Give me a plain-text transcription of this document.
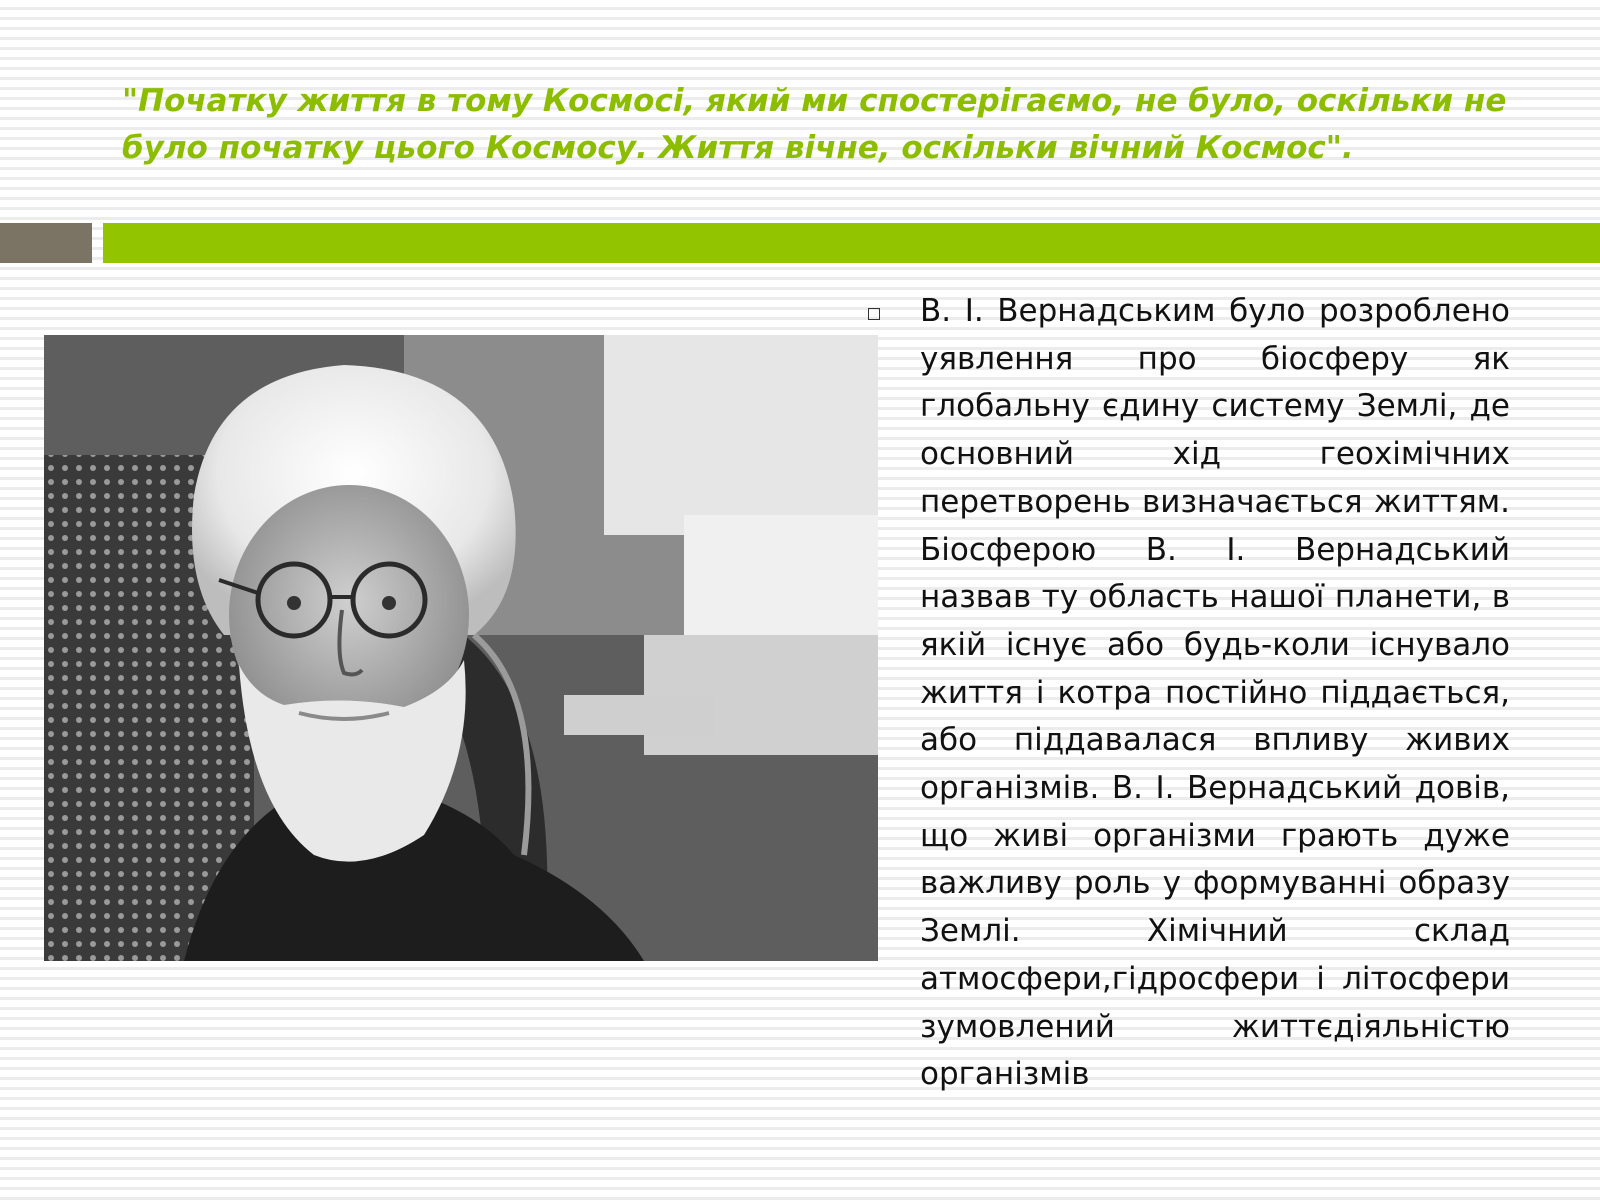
"Початку життя в тому Космосі, який ми спостерігаємо, не було, оскільки не було початку цього Космосу. Життя вічне, оскільки вічний Космос".

В. І. Вернадським було розроблено уявлення про біосферу як глобальну єдину систему Землі, де основний хід геохімічних перетворень визначається життям. Біосферою В. І. Вернадський назвав ту область нашої планети, в якій існує або будь-коли існувало життя і котра постійно піддається, або піддавалася впливу живих організмів. В. І. Вернадський довів, що живі організми грають дуже важливу роль у формуванні образу Землі. Хімічний склад атмосфери,гідросфери і літосфери зумовлений життєдіяльністю організмів
